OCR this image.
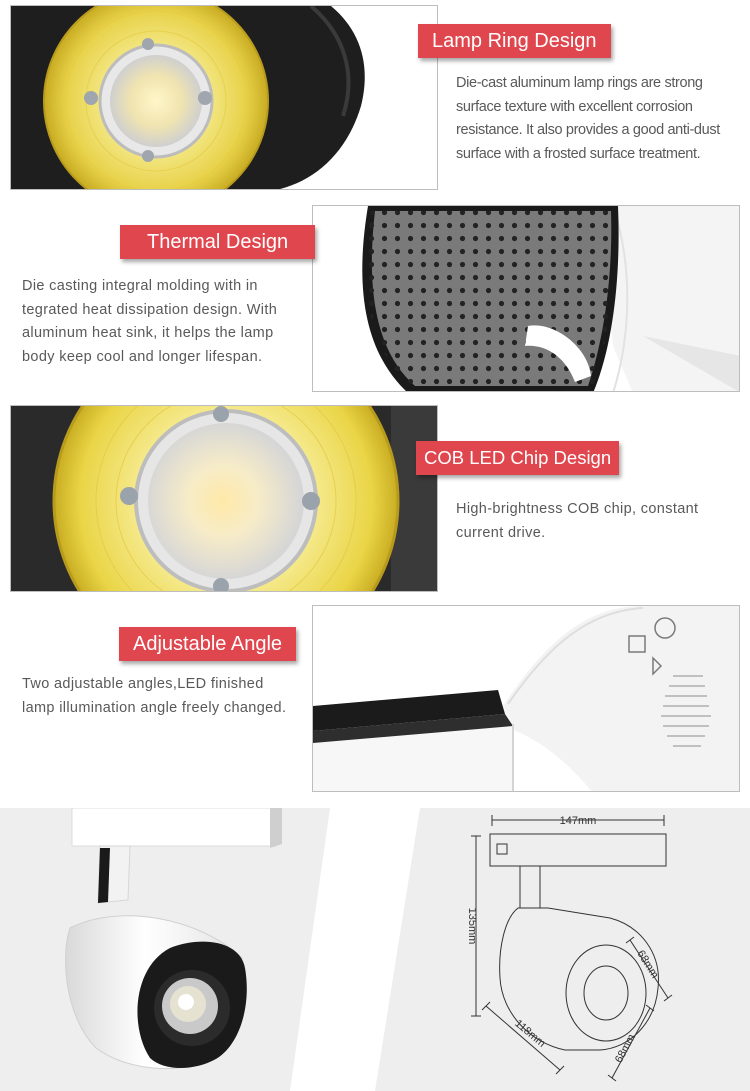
Lamp Ring Design
Die-cast aluminum lamp rings are strong
surface texture with excellent corrosion
resistance. It also provides a good anti-dust
surface with a frosted surface treatment.
Thermal Design
Die casting integral molding with in
tegrated heat dissipation design. With
aluminum heat sink, it helps the lamp
body keep cool and longer lifespan.
COB LED Chip Design
High-brightness COB chip, constant
current drive.
Adjustable Angle
Two adjustable angles,LED finished
lamp illumination angle freely changed.
147mm
135mm
118mm
68mm
68mm
